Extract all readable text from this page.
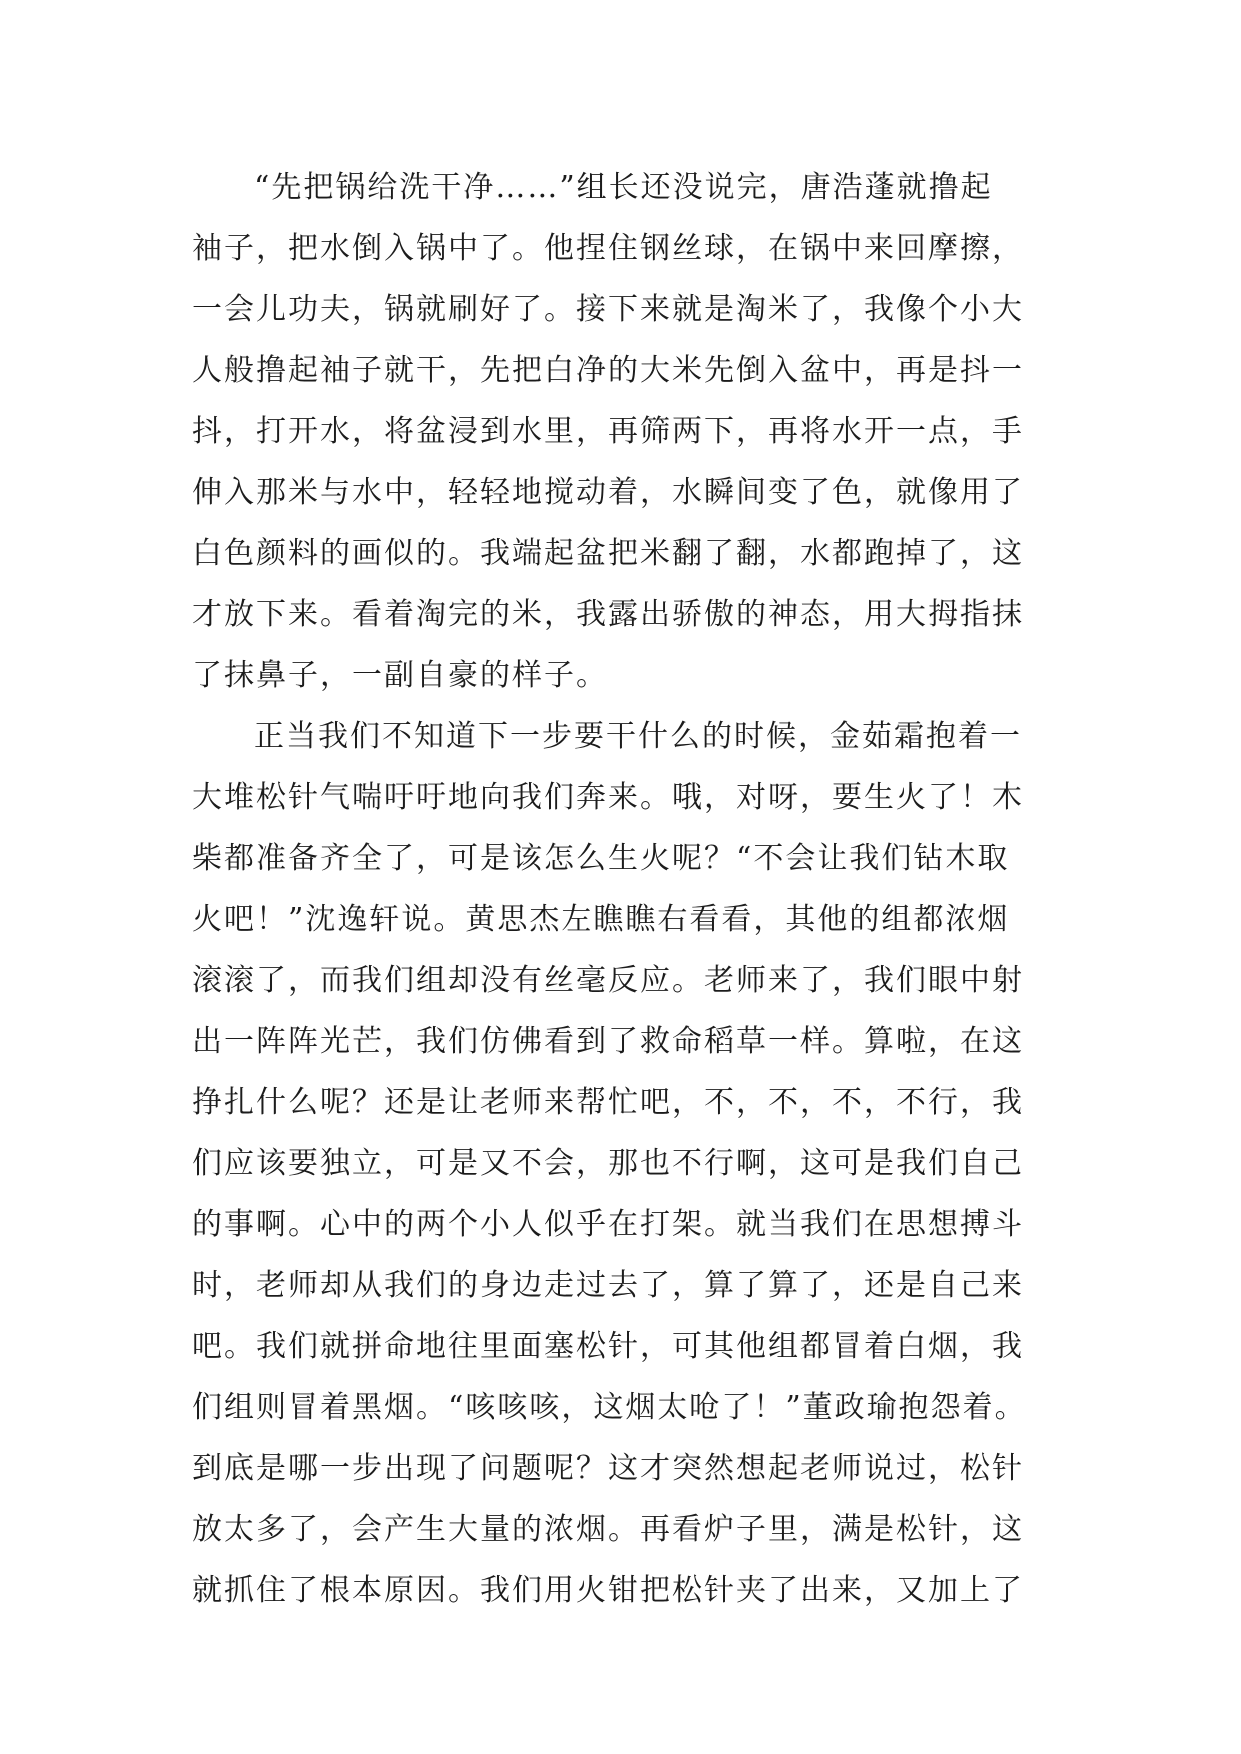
“先把锅给洗干净……”组长还没说完，唐浩蓬就撸起
袖子，把水倒入锅中了。他捏住钢丝球，在锅中来回摩擦，
一会儿功夫，锅就刷好了。接下来就是淘米了，我像个小大
人般撸起袖子就干，先把白净的大米先倒入盆中，再是抖一
抖，打开水，将盆浸到水里，再筛两下，再将水开一点，手
伸入那米与水中，轻轻地搅动着，水瞬间变了色，就像用了
白色颜料的画似的。我端起盆把米翻了翻，水都跑掉了，这
才放下来。看着淘完的米，我露出骄傲的神态，用大拇指抹
了抹鼻子，一副自豪的样子。
正当我们不知道下一步要干什么的时候，金茹霜抱着一
大堆松针气喘吁吁地向我们奔来。哦，对呀，要生火了！木
柴都准备齐全了，可是该怎么生火呢？“不会让我们钻木取
火吧！”沈逸轩说。黄思杰左瞧瞧右看看，其他的组都浓烟
滚滚了，而我们组却没有丝毫反应。老师来了，我们眼中射
出一阵阵光芒，我们仿佛看到了救命稻草一样。算啦，在这
挣扎什么呢？还是让老师来帮忙吧，不，不，不，不行，我
们应该要独立，可是又不会，那也不行啊，这可是我们自己
的事啊。心中的两个小人似乎在打架。就当我们在思想搏斗
时，老师却从我们的身边走过去了，算了算了，还是自己来
吧。我们就拼命地往里面塞松针，可其他组都冒着白烟，我
们组则冒着黑烟。“咳咳咳，这烟太呛了！”董政瑜抱怨着。
到底是哪一步出现了问题呢？这才突然想起老师说过，松针
放太多了，会产生大量的浓烟。再看炉子里，满是松针，这
就抓住了根本原因。我们用火钳把松针夹了出来，又加上了
